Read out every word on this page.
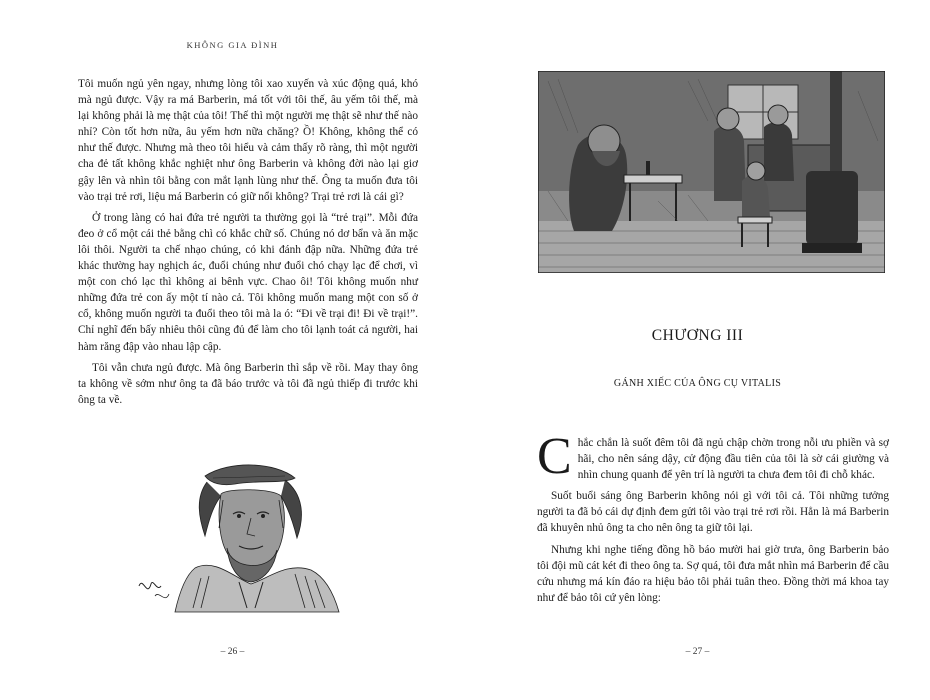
KHÔNG GIA ĐÌNH

Tôi muốn ngủ yên ngay, nhưng lòng tôi xao xuyến và xúc động quá, khó mà ngủ được. Vậy ra má Barberin, má tốt với tôi thế, âu yếm tôi thế, mà lại không phải là mẹ thật của tôi! Thế thì một người mẹ thật sẽ như thế nào nhỉ? Còn tốt hơn nữa, âu yếm hơn nữa chăng? Ồ! Không, không thể có như thế được. Nhưng mà theo tôi hiểu và cảm thấy rõ ràng, thì một người cha đẻ tất không khắc nghiệt như ông Barberin và không đời nào lại giơ gậy lên và nhìn tôi bằng con mắt lạnh lùng như thế. Ông ta muốn đưa tôi vào trại trẻ rơi, liệu má Barberin có giữ nổi không? Trại trẻ rơi là cái gì?

Ở trong làng có hai đứa trẻ người ta thường gọi là “trẻ trại”. Mỗi đứa đeo ở cổ một cái thẻ bằng chì có khắc chữ số. Chúng nó dơ bẩn và ăn mặc lôi thôi. Người ta chế nhạo chúng, có khi đánh đập nữa. Những đứa trẻ khác thường hay nghịch ác, đuổi chúng như đuổi chó chạy lạc để chơi, vì một con chó lạc thì không ai bênh vực. Chao ôi! Tôi không muốn như những đứa trẻ con ấy một tí nào cả. Tôi không muốn mang một con số ở cổ, không muốn người ta đuổi theo tôi mà la ó: “Đi về trại đi! Đi về trại!”. Chỉ nghĩ đến bấy nhiêu thôi cũng đủ để làm cho tôi lạnh toát cả người, hai hàm răng đập vào nhau lập cập.

Tôi vẫn chưa ngủ được. Mà ông Barberin thì sắp về rồi. May thay ông ta không về sớm như ông ta đã báo trước và tôi đã ngủ thiếp đi trước khi ông ta về.

– 26 –
CHƯƠNG III
GÁNH XIẾC CỦA ÔNG CỤ VITALIS

Chắc chắn là suốt đêm tôi đã ngủ chập chờn trong nỗi ưu phiền và sợ hãi, cho nên sáng dậy, cử động đầu tiên của tôi là sờ cái giường và nhìn chung quanh để yên trí là người ta chưa đem tôi đi chỗ khác.

Suốt buổi sáng ông Barberin không nói gì với tôi cả. Tôi những tưởng người ta đã bỏ cái dự định đem gửi tôi vào trại trẻ rơi rồi. Hẳn là má Barberin đã khuyên nhủ ông ta cho nên ông ta giữ tôi lại.

Nhưng khi nghe tiếng đồng hồ báo mười hai giờ trưa, ông Barberin bảo tôi đội mũ cát két đi theo ông ta. Sợ quá, tôi đưa mắt nhìn má Barberin để cầu cứu nhưng má kín đáo ra hiệu bảo tôi phải tuân theo. Đồng thời má khoa tay như để bảo tôi cứ yên lòng:

– 27 –
